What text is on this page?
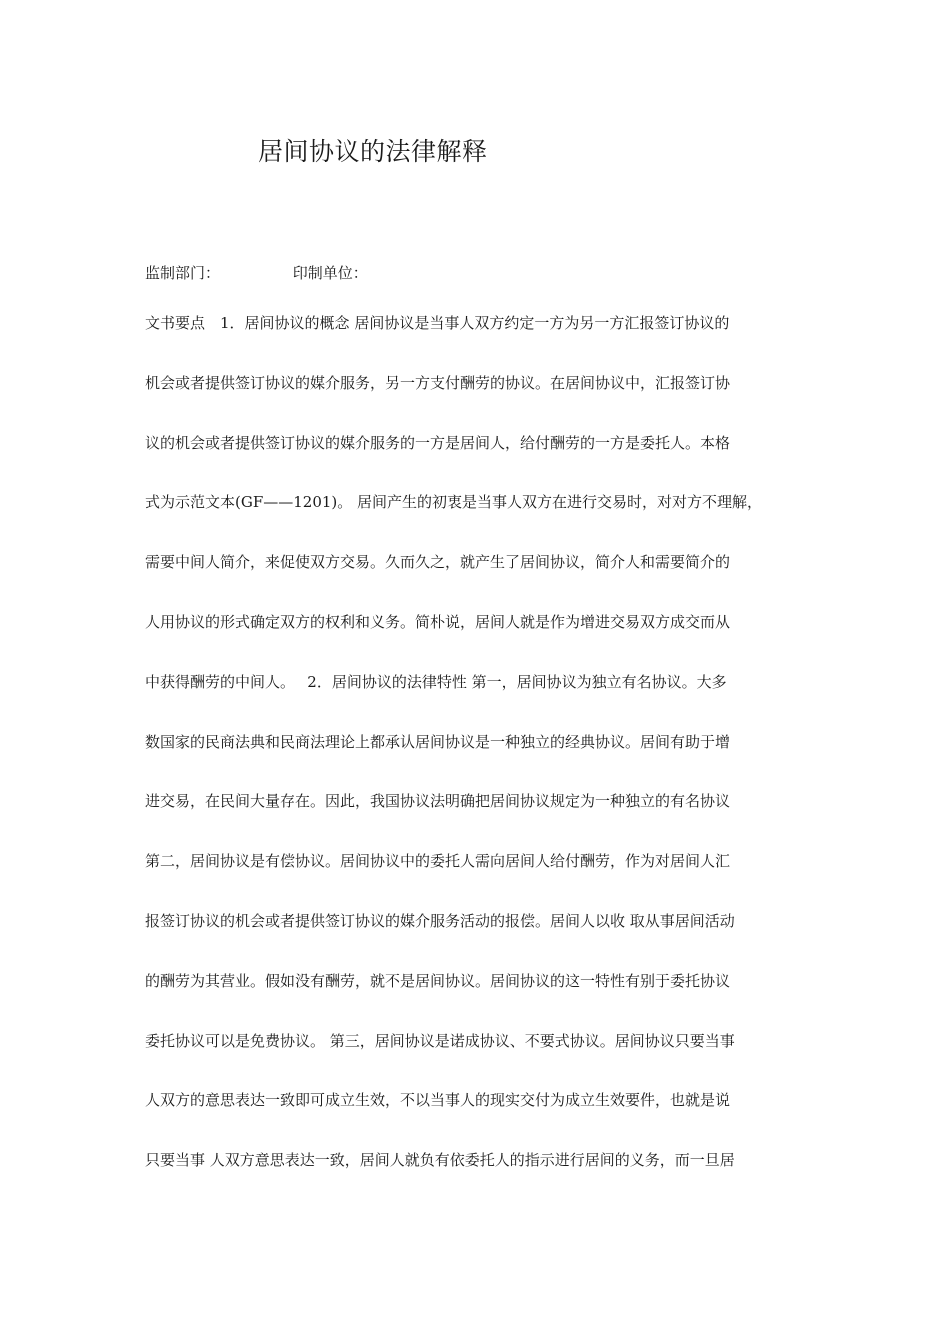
居间协议的法律解释
监制部门：	印制单位：
文书要点　1．居间协议的概念 居间协议是当事人双方约定一方为另一方汇报签订协议的
机会或者提供签订协议的媒介服务，另一方支付酬劳的协议。在居间协议中，汇报签订协
议的机会或者提供签订协议的媒介服务的一方是居间人，给付酬劳的一方是委托人。本格
式为示范文本(GF——1201)。 居间产生的初衷是当事人双方在进行交易时，对对方不理解，
需要中间人简介，来促使双方交易。久而久之，就产生了居间协议，简介人和需要简介的
人用协议的形式确定双方的权利和义务。简朴说，居间人就是作为增进交易双方成交而从
中获得酬劳的中间人。　 2．居间协议的法律特性 第一，居间协议为独立有名协议。大多
数国家的民商法典和民商法理论上都承认居间协议是一种独立的经典协议。居间有助于增
进交易，在民间大量存在。因此，我国协议法明确把居间协议规定为一种独立的有名协议
第二，居间协议是有偿协议。居间协议中的委托人需向居间人给付酬劳，作为对居间人汇
报签订协议的机会或者提供签订协议的媒介服务活动的报偿。居间人以收 取从事居间活动
的酬劳为其营业。假如没有酬劳，就不是居间协议。居间协议的这一特性有别于委托协议
委托协议可以是免费协议。 第三，居间协议是诺成协议、不要式协议。居间协议只要当事
人双方的意思表达一致即可成立生效，不以当事人的现实交付为成立生效要件，也就是说
只要当事 人双方意思表达一致，居间人就负有依委托人的指示进行居间的义务，而一旦居
